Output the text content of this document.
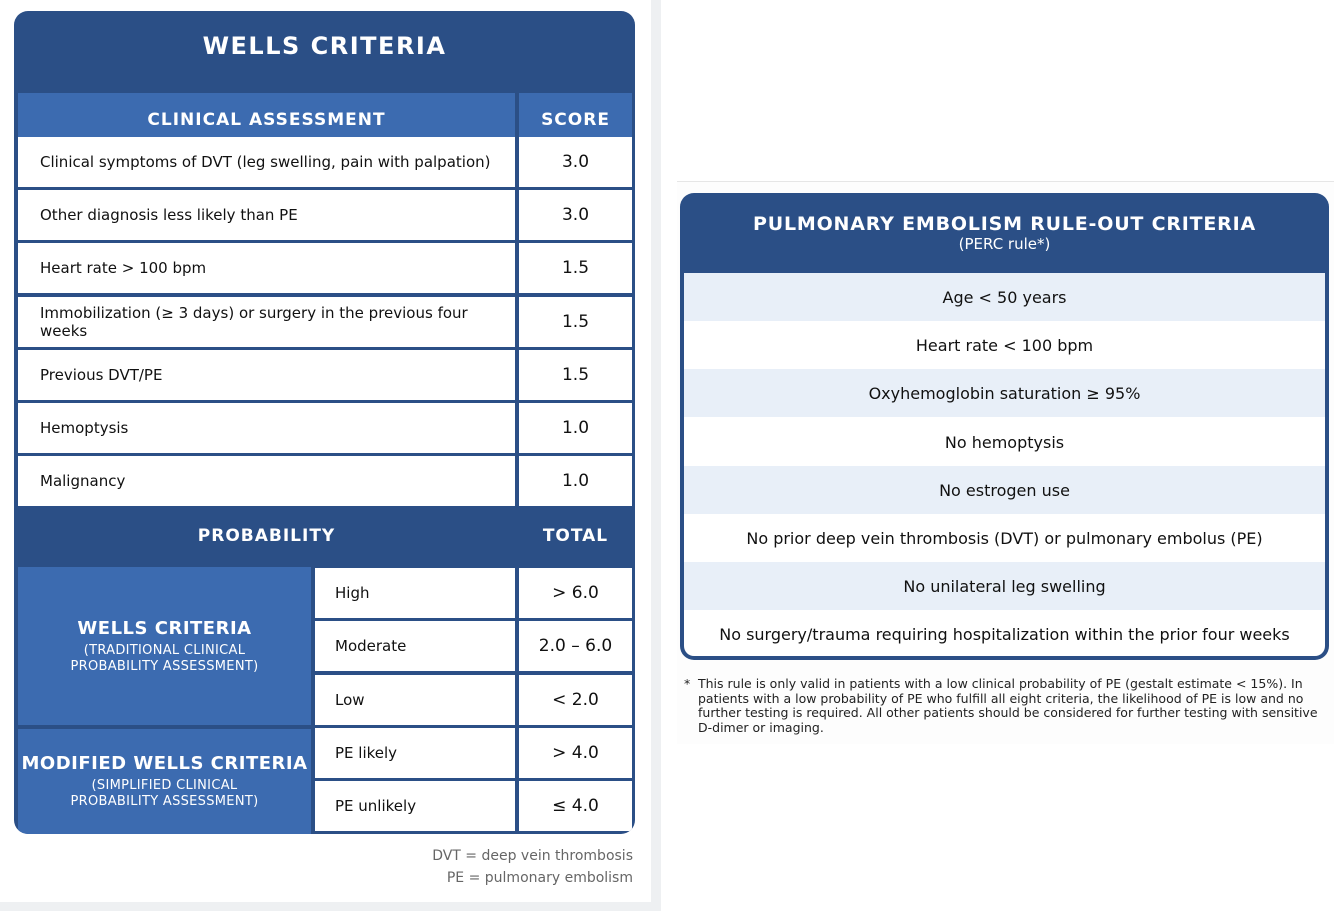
WELLS CRITERIA
CLINICAL ASSESSMENT	SCORE
Clinical symptoms of DVT (leg swelling, pain with palpation)	3.0
Other diagnosis less likely than PE	3.0
Heart rate > 100 bpm	1.5
Immobilization (≥ 3 days) or surgery in the previous four weeks	1.5
Previous DVT/PE	1.5
Hemoptysis	1.0
Malignancy	1.0
PROBABILITY	TOTAL
WELLS CRITERIA
(TRADITIONAL CLINICAL
PROBABILITY ASSESSMENT)
High	> 6.0
Moderate	2.0 – 6.0
Low	< 2.0
MODIFIED WELLS CRITERIA
(SIMPLIFIED CLINICAL
PROBABILITY ASSESSMENT)
PE likely	> 4.0
PE unlikely	≤ 4.0
DVT = deep vein thrombosis
PE = pulmonary embolism
PULMONARY EMBOLISM RULE-OUT CRITERIA
(PERC rule*)
Age < 50 years
Heart rate < 100 bpm
Oxyhemoglobin saturation ≥ 95%
No hemoptysis
No estrogen use
No prior deep vein thrombosis (DVT) or pulmonary embolus (PE)
No unilateral leg swelling
No surgery/trauma requiring hospitalization within the prior four weeks
* This rule is only valid in patients with a low clinical probability of PE (gestalt estimate < 15%). In patients with a low probability of PE who fulfill all eight criteria, the likelihood of PE is low and no further testing is required. All other patients should be considered for further testing with sensitive D-dimer or imaging.
